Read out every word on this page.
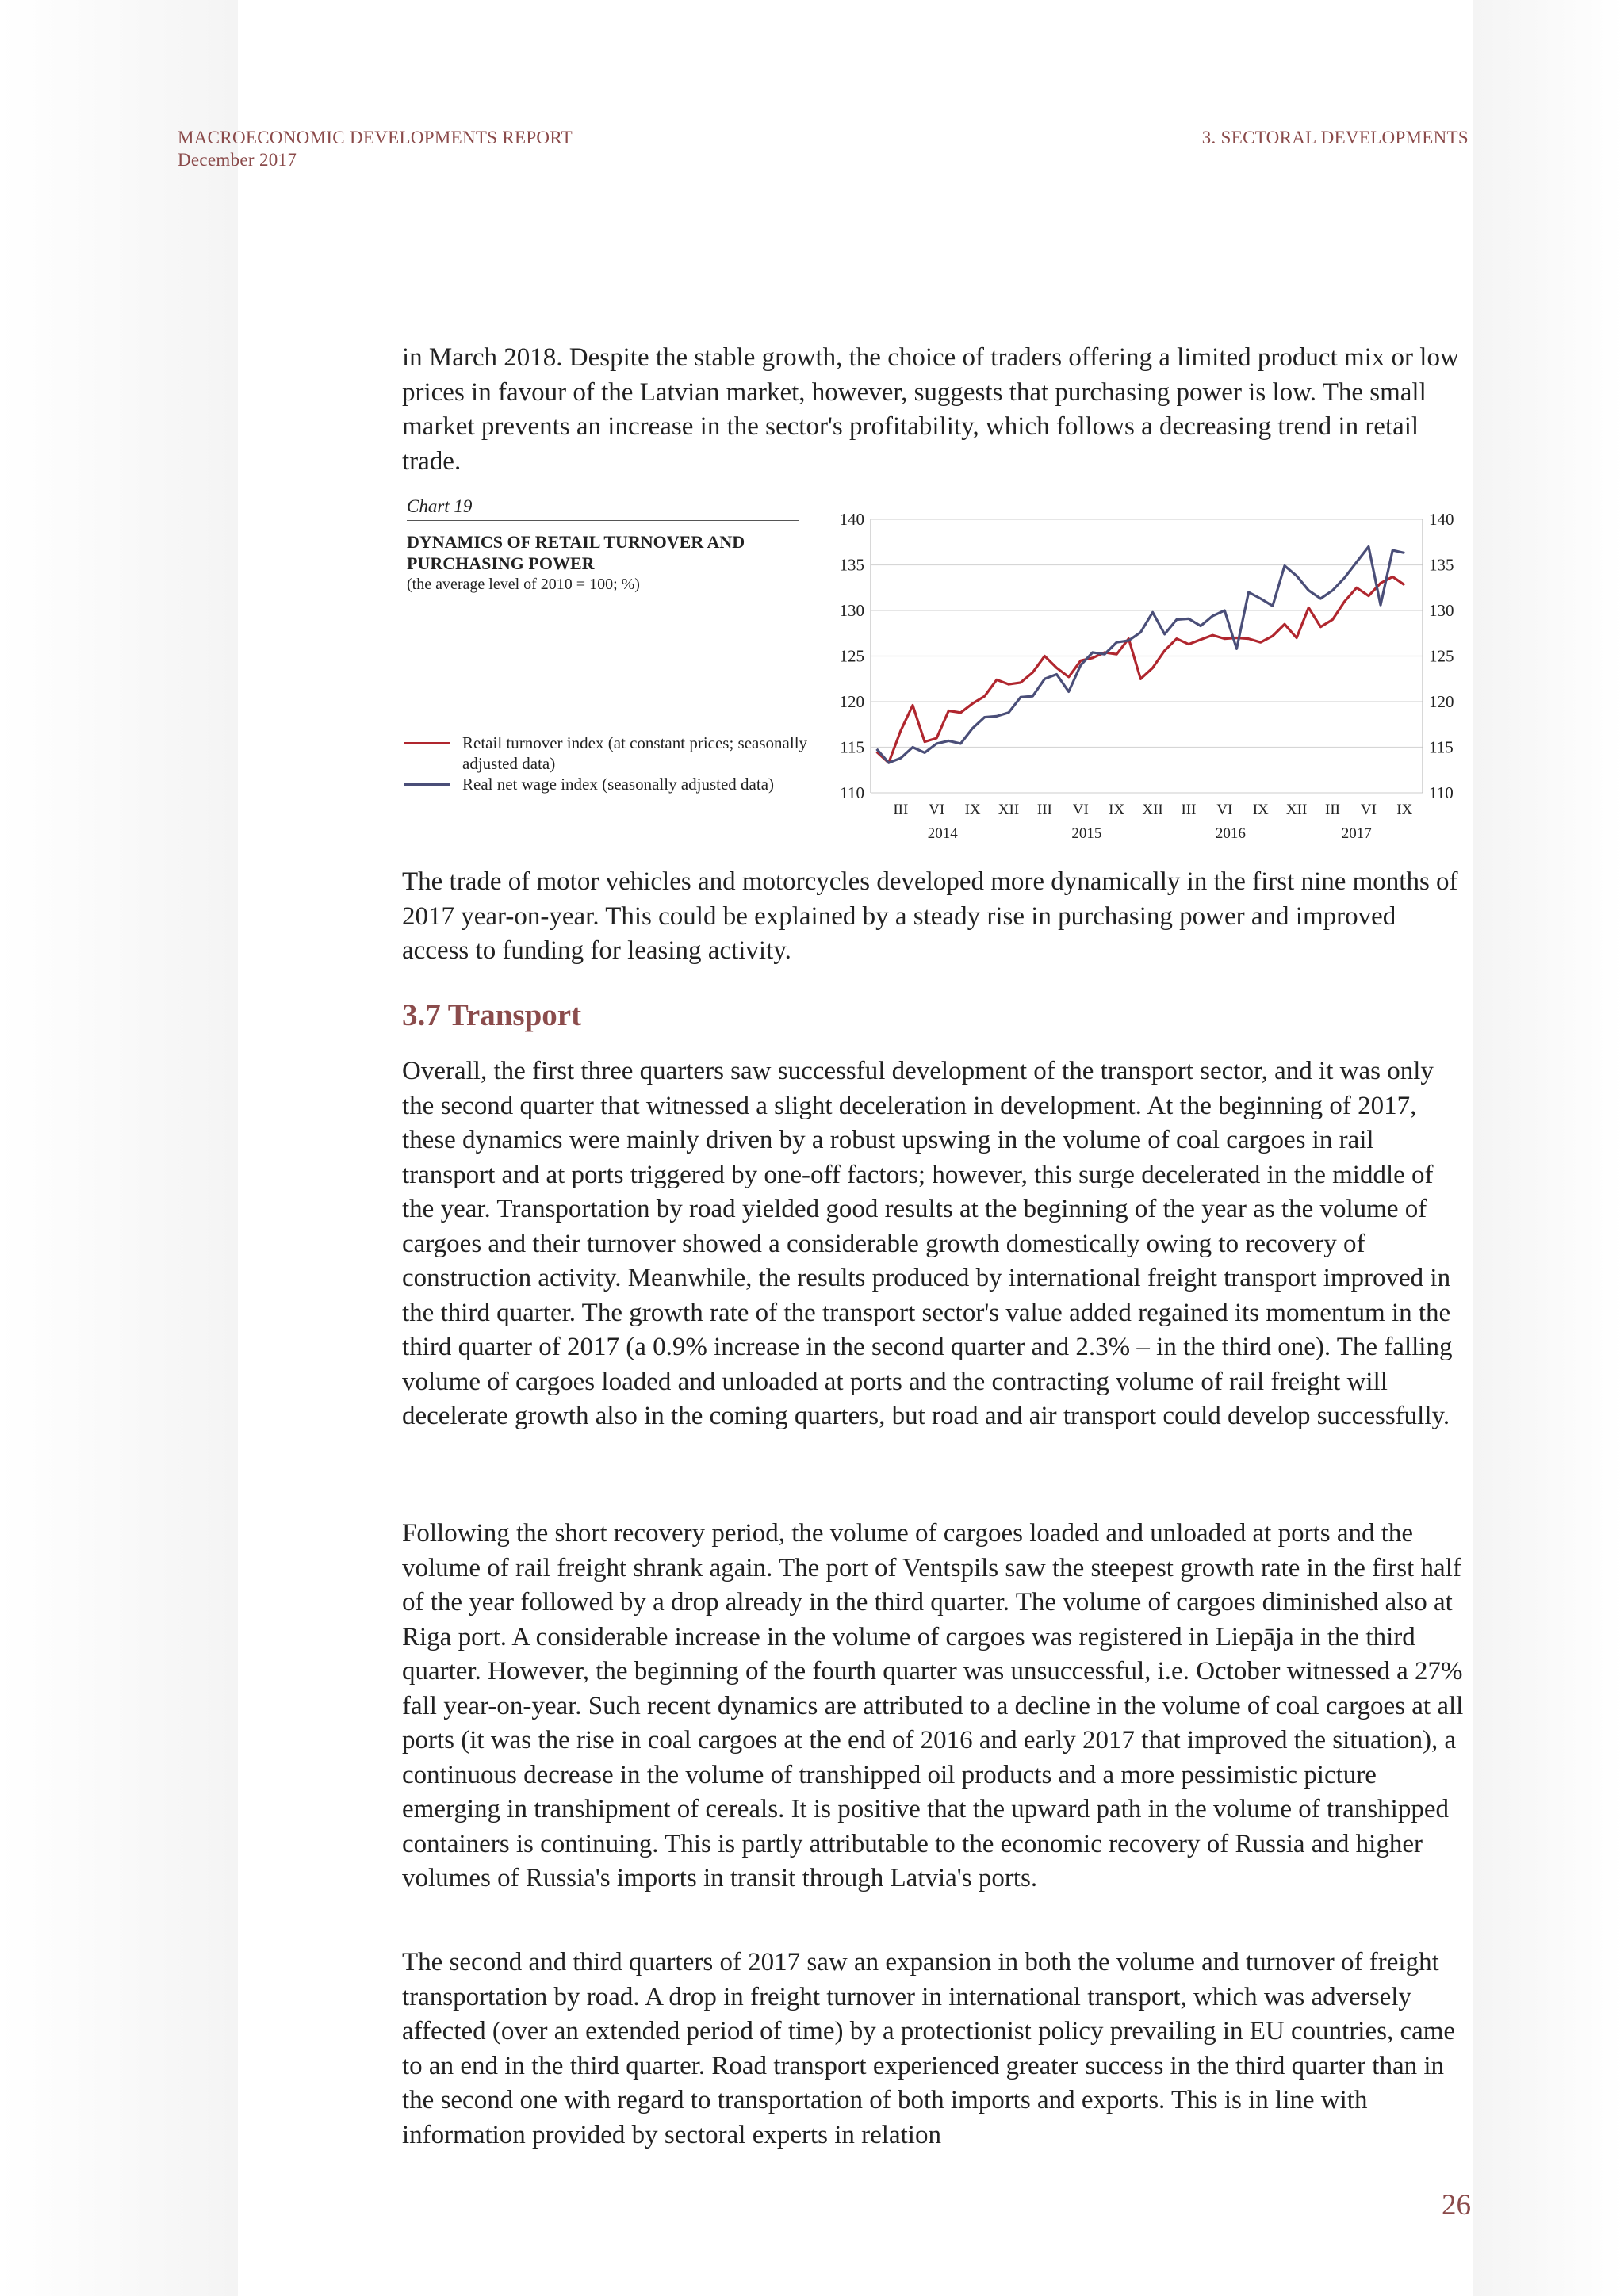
MACROECONOMIC DEVELOPMENTS REPORT
December 2017
3. SECTORAL DEVELOPMENTS

in March 2018. Despite the stable growth, the choice of traders offering a limited product mix or low prices in favour of the Latvian market, however, suggests that purchasing power is low. The small market prevents an increase in the sector's profitability, which follows a decreasing trend in retail trade.

Chart 19
DYNAMICS OF RETAIL TURNOVER AND PURCHASING POWER
(the average level of 2010 = 100; %)
Retail turnover index (at constant prices; seasonally adjusted data)
Real net wage index (seasonally adjusted data)	110	110
115	115
120	120
125	125
130	130
135	135
140	140
III VI IX XII III VI IX XII III VI IX XII III VI IX
2014	2015	2016	2017

The trade of motor vehicles and motorcycles developed more dynamically in the first nine months of 2017 year-on-year. This could be explained by a steady rise in purchasing power and improved access to funding for leasing activity.

3.7 Transport

Overall, the first three quarters saw successful development of the transport sector, and it was only the second quarter that witnessed a slight deceleration in development. At the beginning of 2017, these dynamics were mainly driven by a robust upswing in the volume of coal cargoes in rail transport and at ports triggered by one-off factors; however, this surge decelerated in the middle of the year. Transportation by road yielded good results at the beginning of the year as the volume of cargoes and their turnover showed a considerable growth domestically owing to recovery of construction activity. Meanwhile, the results produced by international freight transport improved in the third quarter. The growth rate of the transport sector's value added regained its momentum in the third quarter of 2017 (a 0.9% increase in the second quarter and 2.3% – in the third one). The falling volume of cargoes loaded and unloaded at ports and the contracting volume of rail freight will decelerate growth also in the coming quarters, but road and air transport could develop successfully.

Following the short recovery period, the volume of cargoes loaded and unloaded at ports and the volume of rail freight shrank again. The port of Ventspils saw the steepest growth rate in the first half of the year followed by a drop already in the third quarter. The volume of cargoes diminished also at Riga port. A considerable increase in the volume of cargoes was registered in Liepāja in the third quarter. However, the beginning of the fourth quarter was unsuccessful, i.e. October witnessed a 27% fall year-on-year. Such recent dynamics are attributed to a decline in the volume of coal cargoes at all ports (it was the rise in coal cargoes at the end of 2016 and early 2017 that improved the situation), a continuous decrease in the volume of transhipped oil products and a more pessimistic picture emerging in transhipment of cereals. It is positive that the upward path in the volume of transhipped containers is continuing. This is partly attributable to the economic recovery of Russia and higher volumes of Russia's imports in transit through Latvia's ports.

The second and third quarters of 2017 saw an expansion in both the volume and turnover of freight transportation by road. A drop in freight turnover in international transport, which was adversely affected (over an extended period of time) by a protectionist policy prevailing in EU countries, came to an end in the third quarter. Road transport experienced greater success in the third quarter than in the second one with regard to transportation of both imports and exports. This is in line with information provided by sectoral experts in relation

26
